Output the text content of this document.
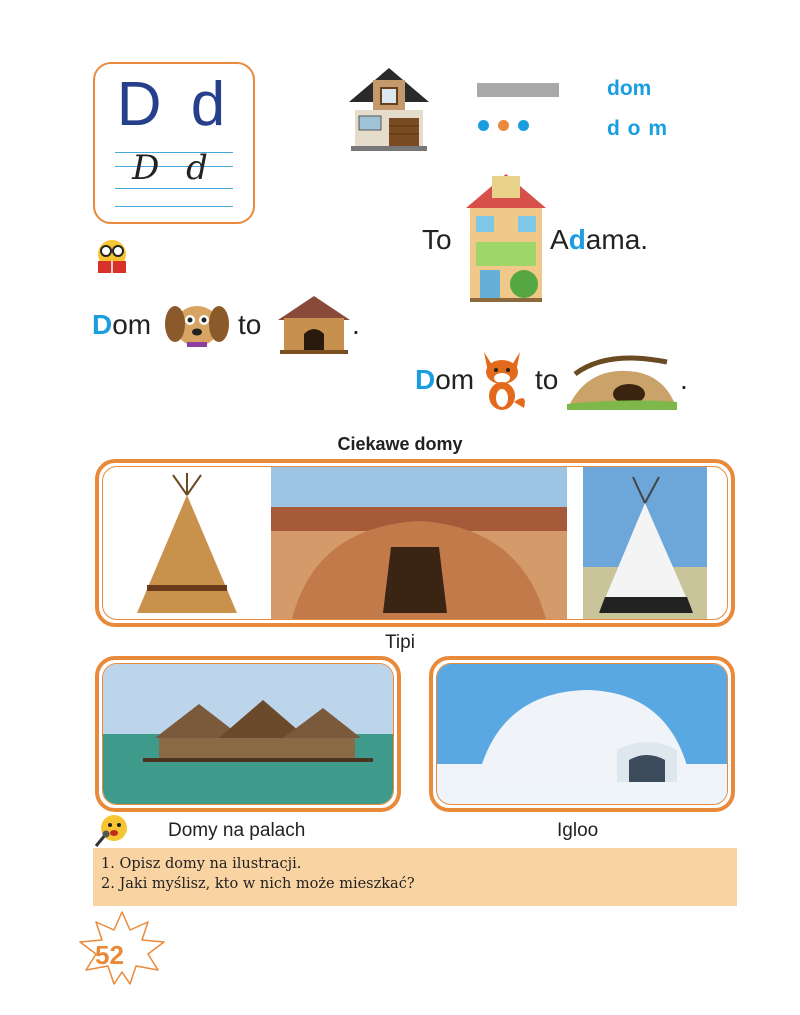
D d
D d
dom
d o m
To	Adama.
Dom	to	.
Dom to	.
Ciekawe domy
Tipi
Domy na palach	Igloo
1. Opisz domy na ilustracji.
2. Jaki myślisz, kto w nich może mieszkać?
52
